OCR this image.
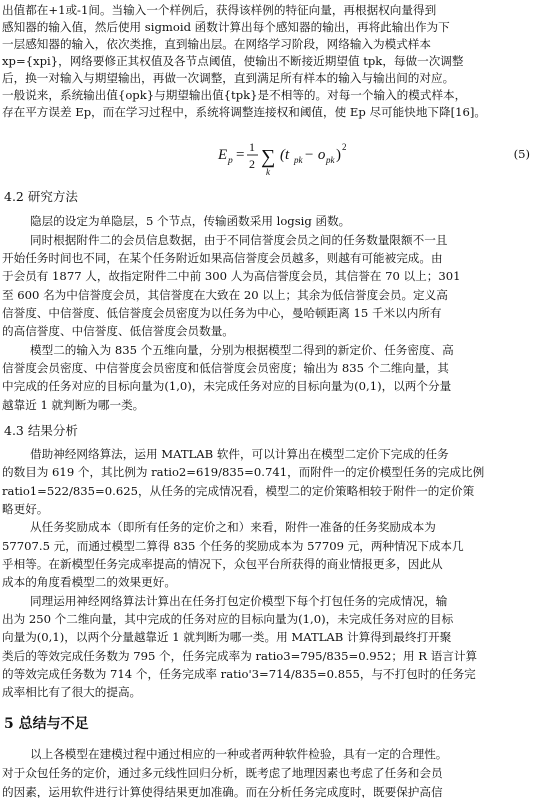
出值都在+1或-1间。当输入一个样例后，获得该样例的特征向量，再根据权向量得到
感知器的输入值，然后使用 sigmoid 函数计算出每个感知器的输出，再将此输出作为下
一层感知器的输入，依次类推，直到输出层。在网络学习阶段，网络输入为模式样本
xp={xpi}，网络要修正其权值及各节点阈值，使输出不断接近期望值 tpk，每做一次调整
后，换一对输入与期望输出，再做一次调整，直到满足所有样本的输入与输出间的对应。
一般说来，系统输出值{opk}与期望输出值{tpk}是不相等的。对每一个输入的模式样本，
存在平方误差 Ep，而在学习过程中，系统将调整连接权和阈值，使 Ep 尽可能快地下降[16]。
E p = 1
2 ∑
k
(t pk − o pk ) 2	(5)
4.2 研究方法
隐层的设定为单隐层，5 个节点，传输函数采用 logsig 函数。
同时根据附件二的会员信息数据，由于不同信誉度会员之间的任务数量限额不一且
开始任务时间也不同，在某个任务附近如果高信誉度会员越多，则越有可能被完成。由
于会员有 1877 人，故指定附件二中前 300 人为高信誉度会员，其信誉在 70 以上；301
至 600 名为中信誉度会员，其信誉度在大致在 20 以上；其余为低信誉度会员。定义高
信誉度、中信誉度、低信誉度会员密度为以任务为中心，曼哈顿距离 15 千米以内所有
的高信誉度、中信誉度、低信誉度会员数量。
模型二的输入为 835 个五维向量，分别为根据模型二得到的新定价、任务密度、高
信誉度会员密度、中信誉度会员密度和低信誉度会员密度；输出为 835 个二维向量，其
中完成的任务对应的目标向量为(1,0)，未完成任务对应的目标向量为(0,1)，以两个分量
越靠近 1 就判断为哪一类。
4.3 结果分析
借助神经网络算法，运用 MATLAB 软件，可以计算出在模型二定价下完成的任务
的数目为 619 个，其比例为 ratio2=619/835=0.741，而附件一的定价模型任务的完成比例
ratio1=522/835=0.625，从任务的完成情况看，模型二的定价策略相较于附件一的定价策
略更好。
从任务奖励成本（即所有任务的定价之和）来看，附件一准备的任务奖励成本为
57707.5 元，而通过模型二算得 835 个任务的奖励成本为 57709 元，两种情况下成本几
乎相等。在新模型任务完成率提高的情况下，众包平台所获得的商业情报更多，因此从
成本的角度看模型二的效果更好。
同理运用神经网络算法计算出在任务打包定价模型下每个打包任务的完成情况，输
出为 250 个二维向量，其中完成的任务对应的目标向量为(1,0)，未完成任务对应的目标
向量为(0,1)，以两个分量越靠近 1 就判断为哪一类。用 MATLAB 计算得到最终打开聚
类后的等效完成任务数为 795 个，任务完成率为 ratio3=795/835=0.952；用 R 语言计算
的等效完成任务数为 714 个，任务完成率 ratio'3=714/835=0.855，与不打包时的任务完
成率相比有了很大的提高。
5 总结与不足
以上各模型在建模过程中通过相应的一种或者两种软件检验，具有一定的合理性。
对于众包任务的定价，通过多元线性回归分析，既考虑了地理因素也考虑了任务和会员
的因素，运用软件进行计算使得结果更加准确。而在分析任务完成度时，既要保护高信
